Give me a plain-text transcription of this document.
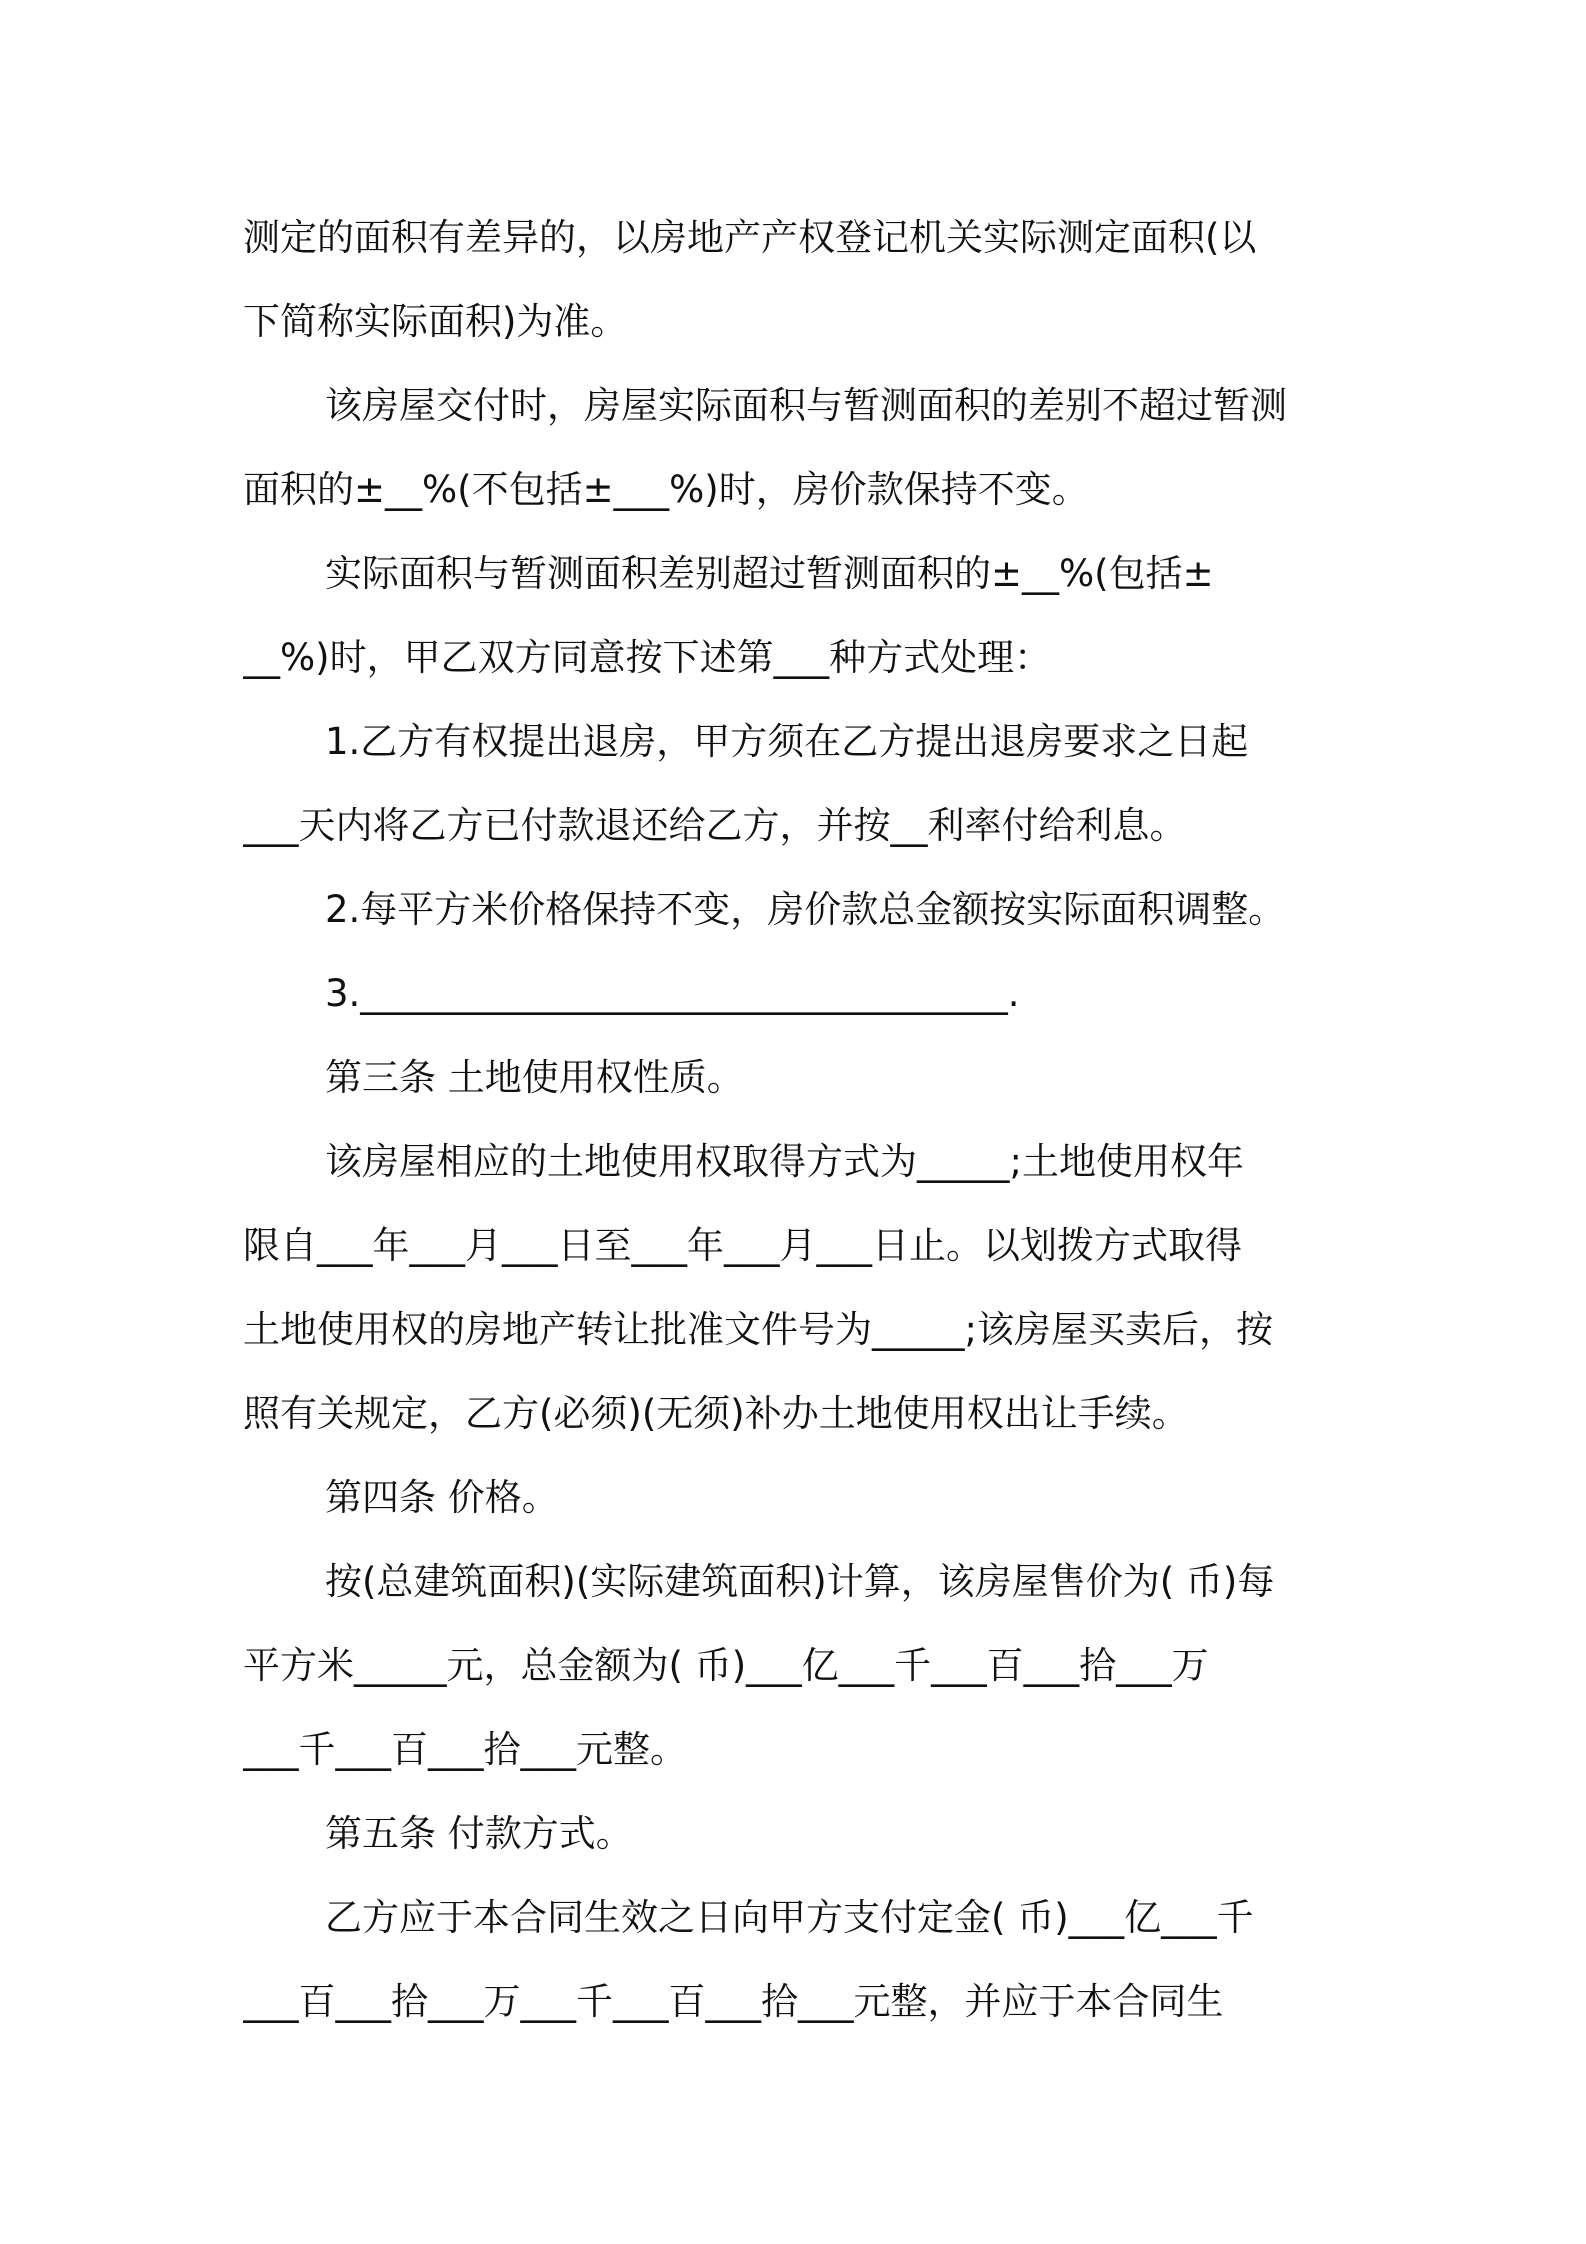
测定的面积有差异的，以房地产产权登记机关实际测定面积(以
下简称实际面积)为准。
该房屋交付时，房屋实际面积与暂测面积的差别不超过暂测
面积的±__%(不包括±___%)时，房价款保持不变。
实际面积与暂测面积差别超过暂测面积的±__%(包括±
__%)时，甲乙双方同意按下述第___种方式处理：
1.乙方有权提出退房，甲方须在乙方提出退房要求之日起
___天内将乙方已付款退还给乙方，并按__利率付给利息。
2.每平方米价格保持不变，房价款总金额按实际面积调整。
3.___________________________________.
第三条 土地使用权性质。
该房屋相应的土地使用权取得方式为_____;土地使用权年
限自___年___月___日至___年___月___日止。以划拨方式取得
土地使用权的房地产转让批准文件号为_____;该房屋买卖后，按
照有关规定，乙方(必须)(无须)补办土地使用权出让手续。
第四条 价格。
按(总建筑面积)(实际建筑面积)计算，该房屋售价为( 币)每
平方米_____元，总金额为( 币)___亿___千___百___拾___万
___千___百___拾___元整。
第五条 付款方式。
乙方应于本合同生效之日向甲方支付定金( 币)___亿___千
___百___拾___万___千___百___拾___元整，并应于本合同生
